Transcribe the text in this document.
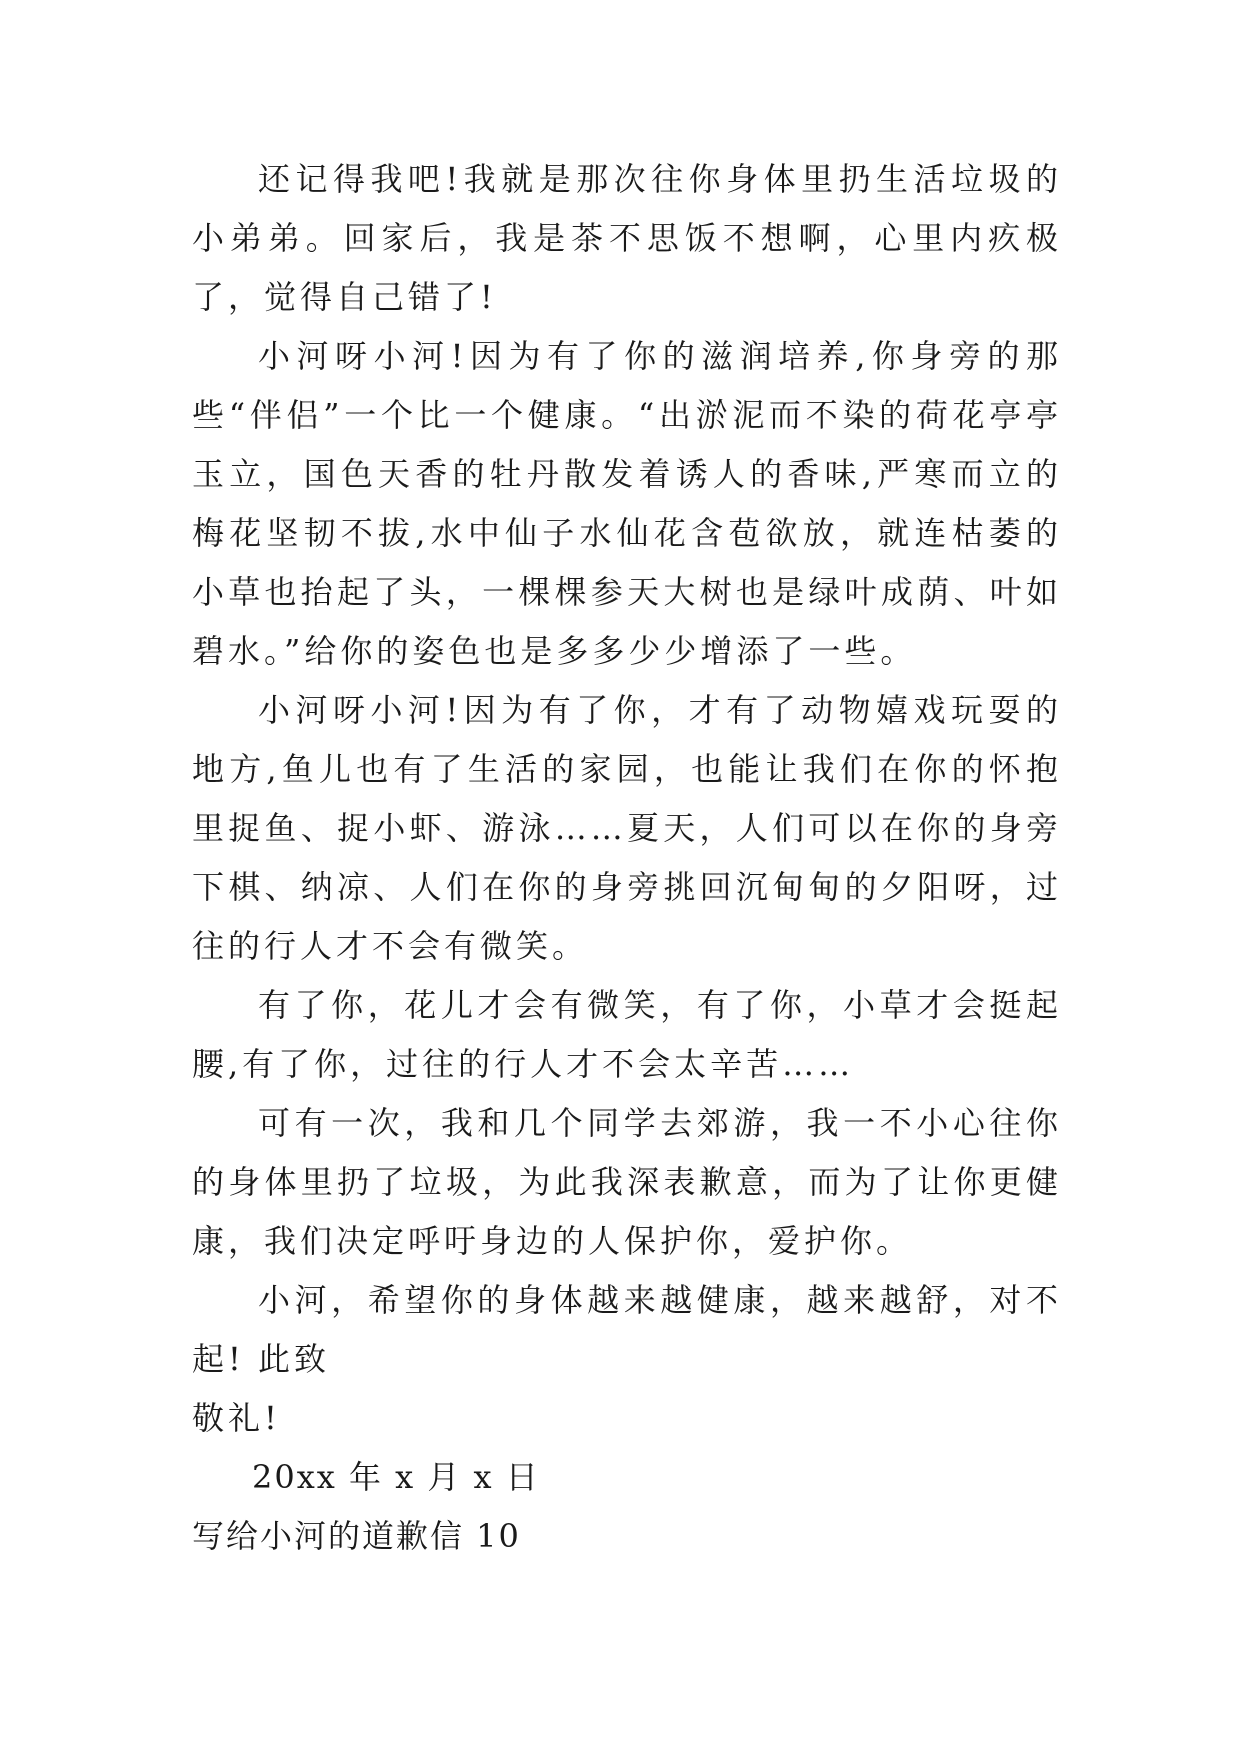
还记得我吧!我就是那次往你身体里扔生活垃圾的小弟弟。回家后，我是茶不思饭不想啊，心里内疚极了，觉得自己错了!
小河呀小河!因为有了你的滋润培养,你身旁的那些“伴侣”一个比一个健康。“出淤泥而不染的荷花亭亭玉立，国色天香的牡丹散发着诱人的香味,严寒而立的梅花坚韧不拔,水中仙子水仙花含苞欲放，就连枯萎的小草也抬起了头，一棵棵参天大树也是绿叶成荫、叶如碧水。”给你的姿色也是多多少少增添了一些。
小河呀小河!因为有了你，才有了动物嬉戏玩耍的地方,鱼儿也有了生活的家园，也能让我们在你的怀抱里捉鱼、捉小虾、游泳……夏天，人们可以在你的身旁下棋、纳凉、人们在你的身旁挑回沉甸甸的夕阳呀，过往的行人才不会有微笑。
有了你，花儿才会有微笑，有了你，小草才会挺起腰,有了你，过往的行人才不会太辛苦……
可有一次，我和几个同学去郊游，我一不小心往你的身体里扔了垃圾，为此我深表歉意，而为了让你更健康，我们决定呼吁身边的人保护你，爱护你。
小河，希望你的身体越来越健康，越来越舒，对不起! 此致
敬礼!
20xx 年 x 月 x 日
写给小河的道歉信 10
